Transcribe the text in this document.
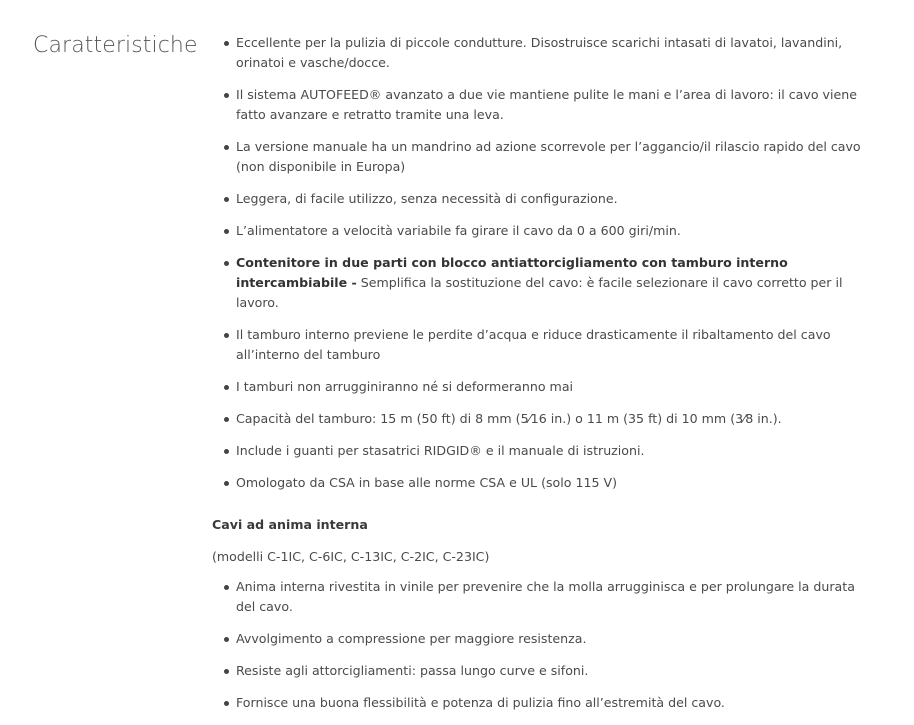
Caratteristiche	Eccellente per la pulizia di piccole condutture. Disostruisce scarichi intasati di lavatoi, lavandini, orinatoi e vasche/docce.
Il sistema AUTOFEED® avanzato a due vie mantiene pulite le mani e l’area di lavoro: il cavo viene fatto avanzare e retratto tramite una leva.
La versione manuale ha un mandrino ad azione scorrevole per l’aggancio/il rilascio rapido del cavo (non disponibile in Europa)
Leggera, di facile utilizzo, senza necessità di configurazione.
L’alimentatore a velocità variabile fa girare il cavo da 0 a 600 giri/min.
Contenitore in due parti con blocco antiattorcigliamento con tamburo interno intercambiabile - Semplifica la sostituzione del cavo: è facile selezionare il cavo corretto per il lavoro.
Il tamburo interno previene le perdite d’acqua e riduce drasticamente il ribaltamento del cavo all’interno del tamburo
I tamburi non arrugginiranno né si deformeranno mai
Capacità del tamburo: 15 m (50 ft) di 8 mm (5⁄16 in.) o 11 m (35 ft) di 10 mm (3⁄8 in.).
Include i guanti per stasatrici RIDGID® e il manuale di istruzioni.
Omologato da CSA in base alle norme CSA e UL (solo 115 V)
Cavi ad anima interna
(modelli C-1IC, C-6IC, C-13IC, C-2IC, C-23IC)
Anima interna rivestita in vinile per prevenire che la molla arrugginisca e per prolungare la durata del cavo.
Avvolgimento a compressione per maggiore resistenza.
Resiste agli attorcigliamenti: passa lungo curve e sifoni.
Fornisce una buona flessibilità e potenza di pulizia fino all’estremità del cavo.
